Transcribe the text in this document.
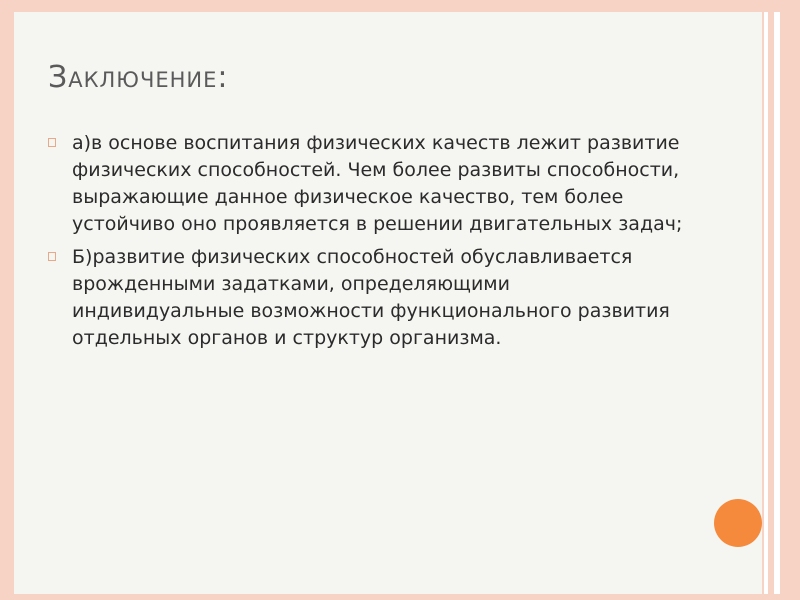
Заключение:
а)в основе воспитания физических качеств лежит развитие физических способностей. Чем более развиты способности, выражающие данное физическое качество, тем более устойчиво оно проявляется в решении двигательных задач;
Б)развитие физических способностей обуславливается врожденными задатками, определяющими индивидуальные возможности функционального развития отдельных органов и структур организма.
